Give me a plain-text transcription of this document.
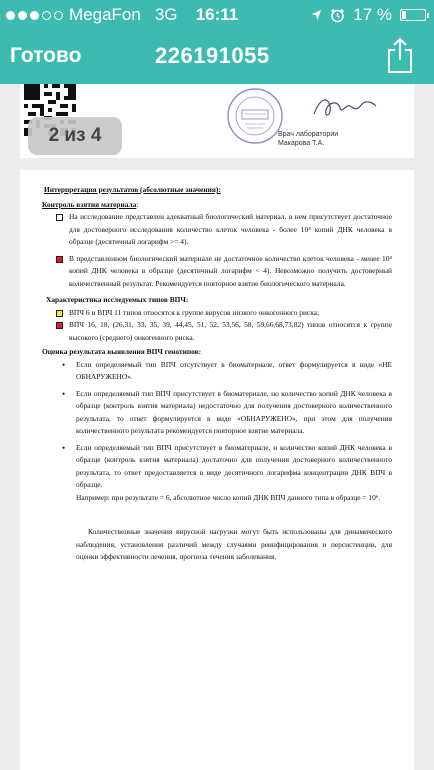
MegaFon 3G	16:11	17 %
Готово	226191055
Врач лаборатории
Макарова Т.А.
2 из 4
Интерпретация результатов (абсолютные значения):
Контроль взятия материала:
На исследование представлен адекватный биологический материал, в нем присутствует достаточное для достоверного исследования количество клеток человека - более 10⁴ копий ДНК человека в образце (десятичный логарифм >= 4).
В представленном биологический материале не достаточное количество клеток человека - менее 10⁴ копий ДНК человека в образце (десятичный логарифм < 4). Невозможно получить достоверный количественный результат. Рекомендуется повторное взятие биологического материала.
Характеристика исследуемых типов ВПЧ:
ВПЧ 6 и ВПЧ 11 типов относятся к группе вирусов низкого онкогенного риска;
ВПЧ 16, 18, (26,31, 33, 35, 39, 44,45, 51, 52, 53,56, 58, 59,66,68,73,82) типов относятся к группе высокого (среднего) онкогенного риска.
Оценка результата выявления ВПЧ генотипов:
•	Если определяемый тип ВПЧ отсутствует в биоматериале, ответ формулируется в виде «НЕ ОБНАРУЖЕНО».
•	Если определяемый тип ВПЧ присутствует в биоматериале, но количество копий ДНК человека в образце (контроль взятия материала) недостаточно для получения достоверного количественного результата, то ответ формулируется в виде «ОБНАРУЖЕНО», при этом для получения количественного результата рекомендуется повторное взятие материала.
•	Если определяемый тип ВПЧ присутствует в биоматериале, и количество копий ДНК человека в образце (контроль взятия материала) достаточно для получения достоверного количественного результата, то ответ предоставляется в виде десятичного логарифма концентрации ДНК ВПЧ в образце.
Например: при результате = 6, абсолютное число копий ДНК ВПЧ данного типа в образце = 10⁶.
Количественные значения вирусной нагрузки могут быть использованы для динамического наблюдения, установления различий между случаями реинфицирования и персистенции, для оценки эффективности лечения, прогноза течения заболевания.
